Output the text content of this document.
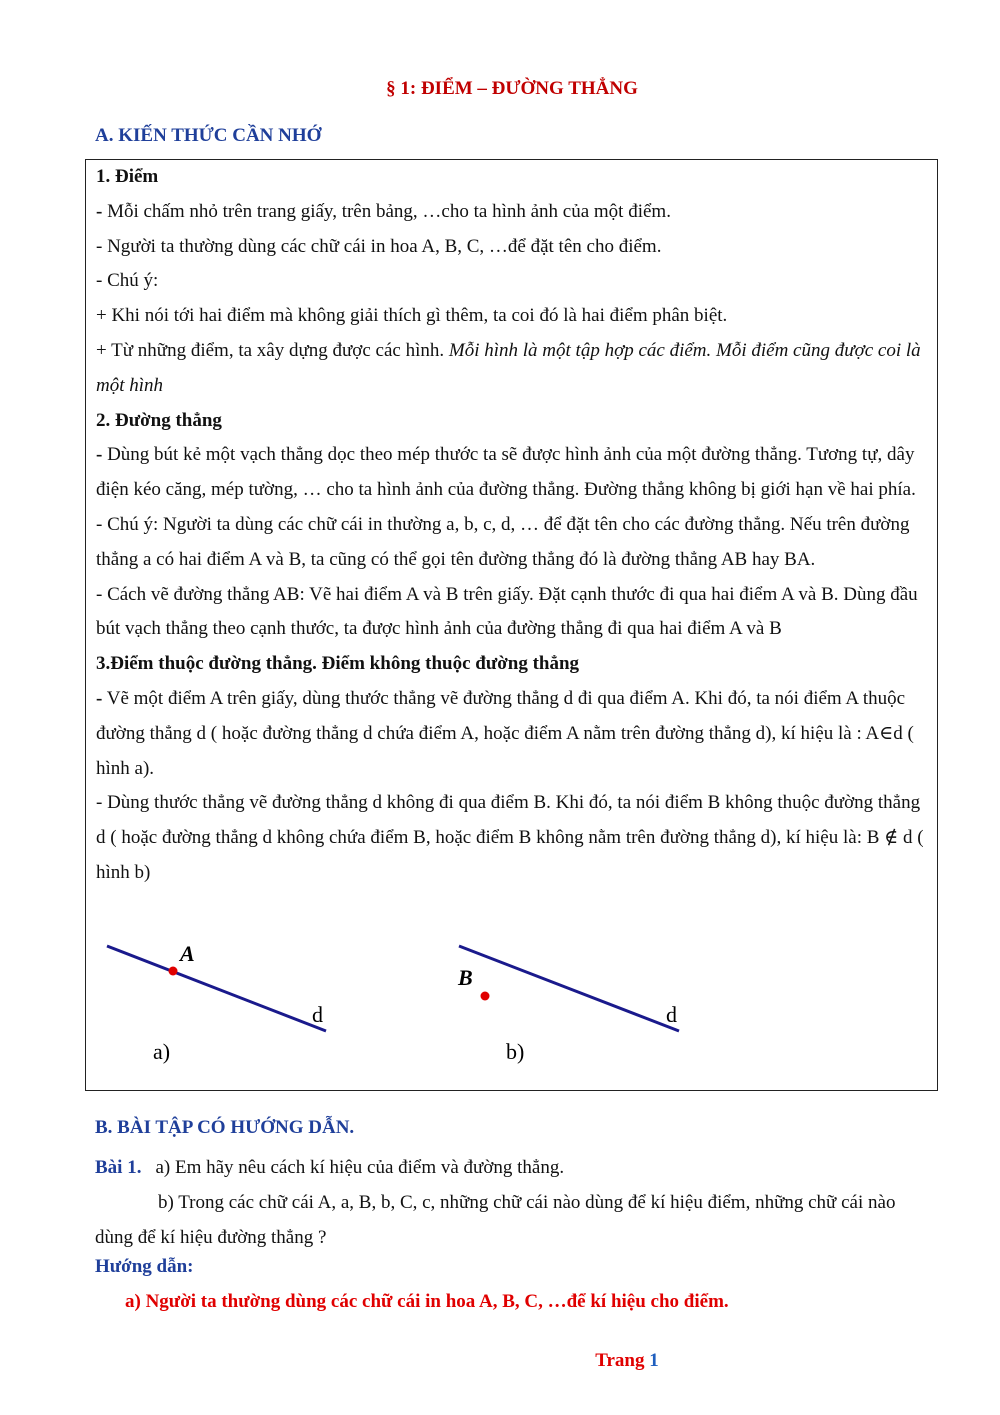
§ 1: ĐIỂM – ĐƯỜNG THẲNG
A. KIẾN THỨC CẦN NHỚ

1. Điểm

- Mỗi chấm nhỏ trên trang giấy, trên bảng, …cho ta hình ảnh của một điểm.

- Người ta thường dùng các chữ cái in hoa A, B, C, …để đặt tên cho điểm.

- Chú ý:

+ Khi nói tới hai điểm mà không giải thích gì thêm, ta coi đó là hai điểm phân biệt.

+ Từ những điểm, ta xây dựng được các hình. Mỗi hình là một tập hợp các điểm. Mỗi điểm cũng được coi là một hình

2. Đường thẳng

- Dùng bút kẻ một vạch thẳng dọc theo mép thước ta sẽ được hình ảnh của một đường thẳng. Tương tự, dây điện kéo căng, mép tường, … cho ta hình ảnh của đường thẳng. Đường thẳng không bị giới hạn về hai phía.

- Chú ý: Người ta dùng các chữ cái in thường a, b, c, d, … để đặt tên cho các đường thẳng. Nếu trên đường thẳng a có hai điểm A và B, ta cũng có thể gọi tên đường thẳng đó là đường thẳng AB hay BA.

- Cách vẽ đường thẳng AB: Vẽ hai điểm A và B trên giấy. Đặt cạnh thước đi qua hai điểm A và B. Dùng đầu bút vạch thẳng theo cạnh thước, ta được hình ảnh của đường thẳng đi qua hai điểm A và B

3.Điểm thuộc đường thẳng. Điểm không thuộc đường thẳng

- Vẽ một điểm A trên giấy, dùng thước thẳng vẽ đường thẳng d đi qua điểm A. Khi đó, ta nói điểm A thuộc đường thẳng d ( hoặc đường thẳng d chứa điểm A, hoặc điểm A nằm trên đường thẳng d), kí hiệu là : A∈d ( hình a).

- Dùng thước thẳng vẽ đường thẳng d không đi qua điểm B. Khi đó, ta nói điểm B không thuộc đường thẳng d ( hoặc đường thẳng d không chứa điểm B, hoặc điểm B không nằm trên đường thẳng d), kí hiệu là: B ∉ d ( hình b)

A
d
a)
B
d
b)
B. BÀI TẬP CÓ HƯỚNG DẪN.

Bài 1. a) Em hãy nêu cách kí hiệu của điểm và đường thẳng.

b) Trong các chữ cái A, a, B, b, C, c, những chữ cái nào dùng để kí hiệu điểm, những chữ cái nào dùng để kí hiệu đường thẳng ?

Hướng dẫn:
a) Người ta thường dùng các chữ cái in hoa A, B, C, …để kí hiệu cho điểm.
Trang 1
